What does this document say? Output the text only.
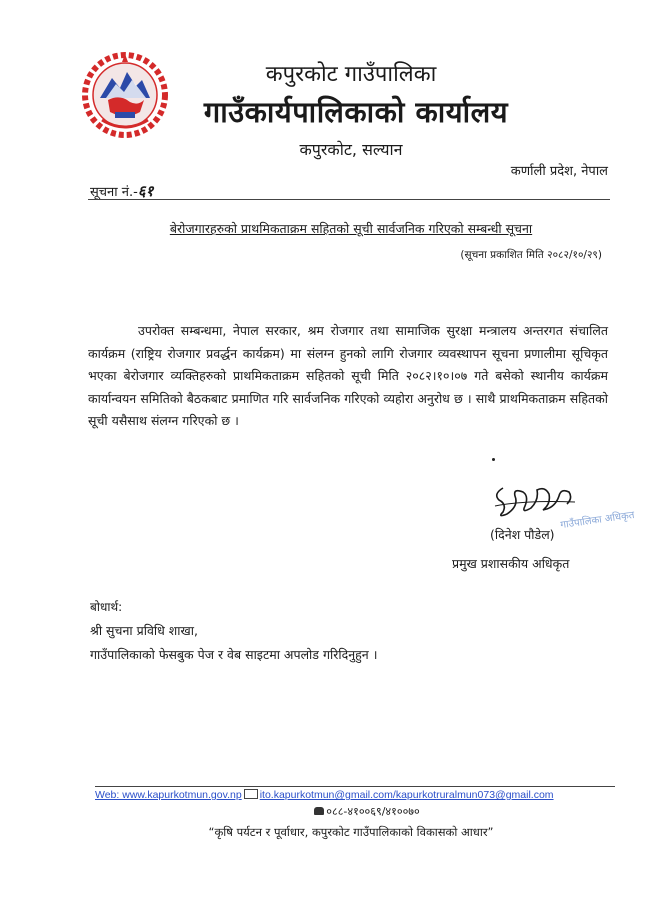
कपुरकोट गाउँपालिका
गाउँकार्यपालिकाको कार्यालय
कपुरकोट, सल्यान
कर्णाली प्रदेश, नेपाल
सूचना नं.-६१
बेरोजगारहरुको प्राथमिकताक्रम सहितको सूची सार्वजनिक गरिएको सम्बन्धी सूचना
(सूचना प्रकाशित मिति २०८२/१०/२९)
उपरोक्त सम्बन्धमा, नेपाल सरकार, श्रम रोजगार तथा सामाजिक सुरक्षा मन्त्रालय अन्तरगत संचालित कार्यक्रम (राष्ट्रिय रोजगार प्रवर्द्धन कार्यक्रम) मा संलग्न हुनको लागि रोजगार व्यवस्थापन सूचना प्रणालीमा सूचिकृत भएका बेरोजगार व्यक्तिहरुको प्राथमिकताक्रम सहितको सूची मिति २०८२।१०।०७ गते बसेको स्थानीय कार्यक्रम कार्यान्वयन समितिको बैठकबाट प्रमाणित गरि सार्वजनिक गरिएको व्यहोरा अनुरोध छ । साथै प्राथमिकताक्रम सहितको सूची यसैसाथ संलग्न गरिएको छ ।
गाउँपालिका अधिकृत
(दिनेश पौडेल)
प्रमुख प्रशासकीय अधिकृत
बोधार्थ:
श्री सुचना प्रविधि शाखा,
गाउँपालिकाको फेसबुक पेज र वेब साइटमा अपलोड गरिदिनुहुन ।
Web: www.kapurkotmun.gov.np ito.kapurkotmun@gmail.com/kapurkotruralmun073@gmail.com
०८८-४१००६९/४१००७०
“कृषि पर्यटन र पूर्वाधार, कपुरकोट गाउँपालिकाको विकासको आधार”
